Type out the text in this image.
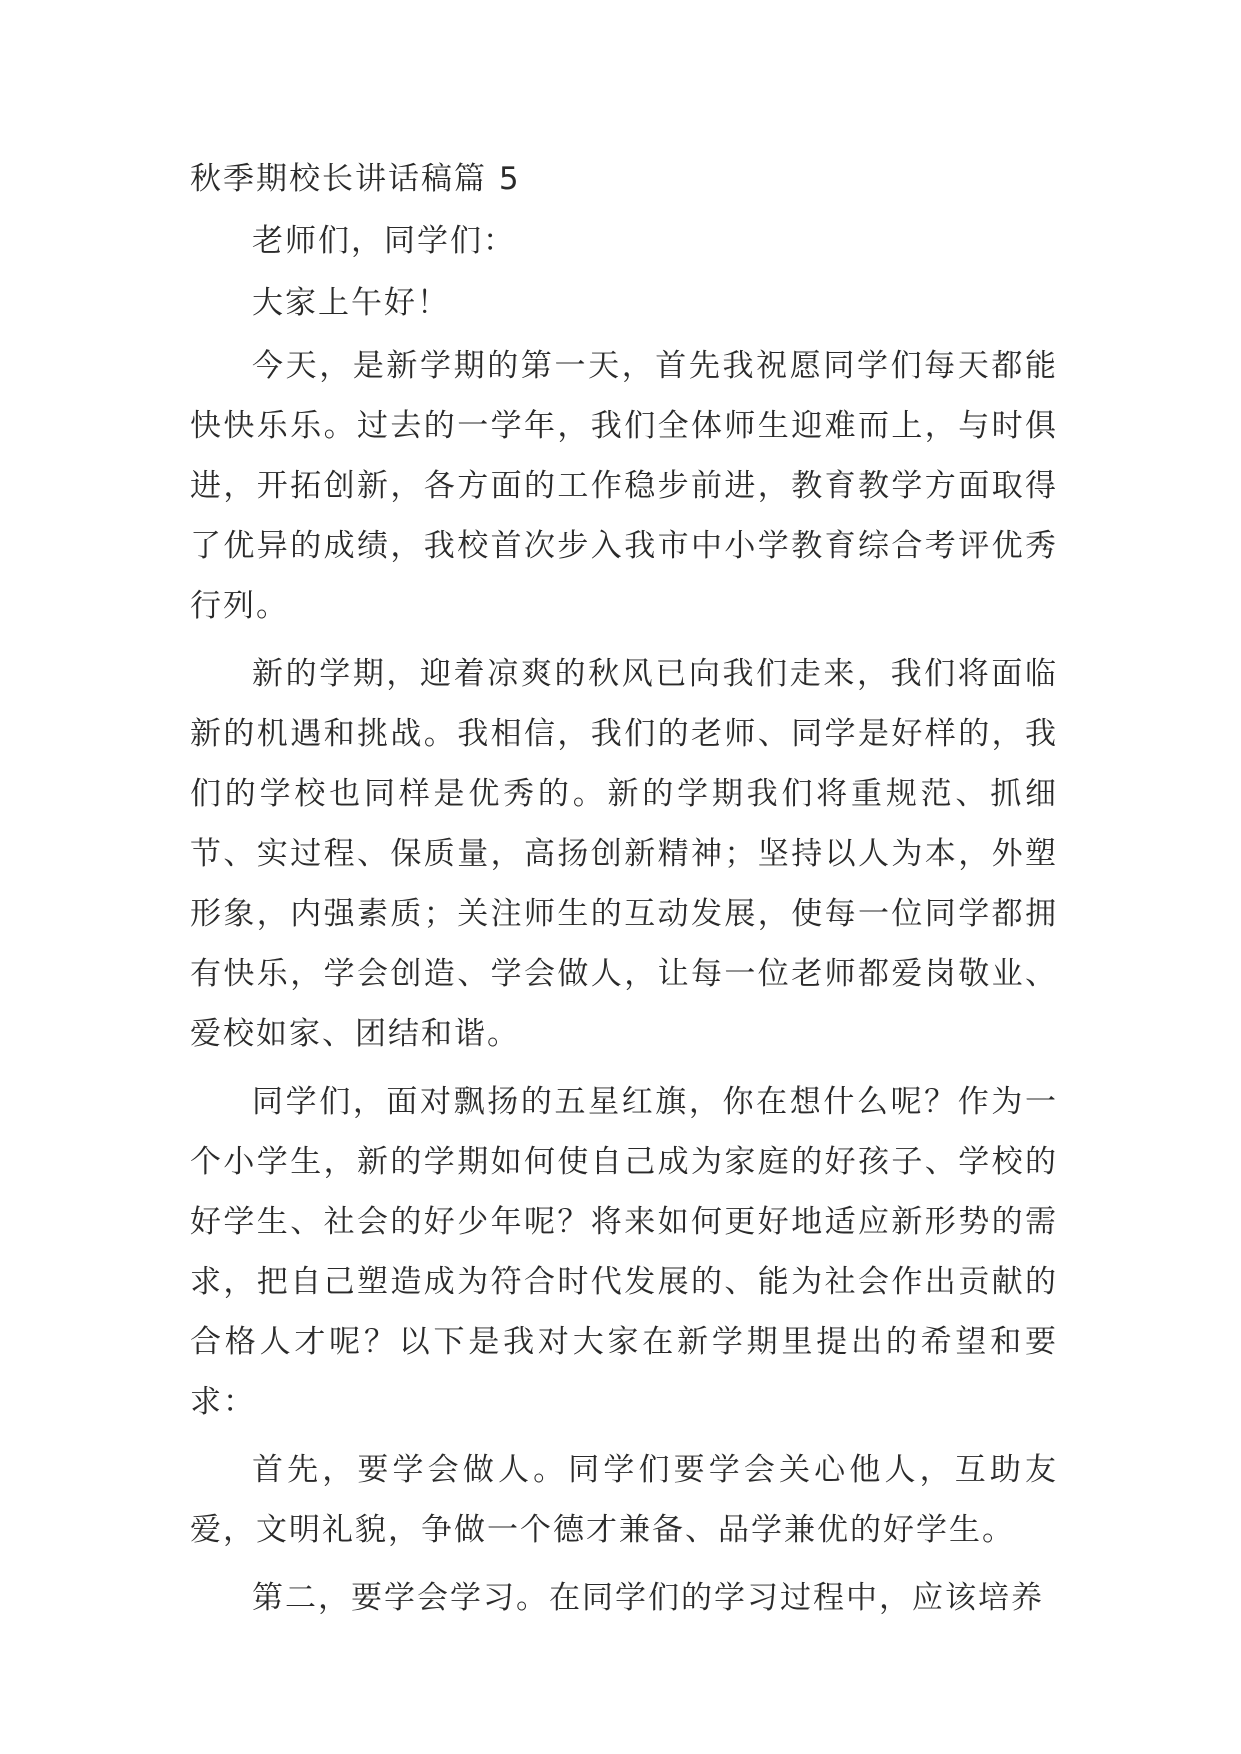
秋季期校长讲话稿篇 5

老师们，同学们：

大家上午好！

今天，是新学期的第一天，首先我祝愿同学们每天都能快快乐乐。过去的一学年，我们全体师生迎难而上，与时俱进，开拓创新，各方面的工作稳步前进，教育教学方面取得了优异的成绩，我校首次步入我市中小学教育综合考评优秀行列。

新的学期，迎着凉爽的秋风已向我们走来，我们将面临新的机遇和挑战。我相信，我们的老师、同学是好样的，我们的学校也同样是优秀的。新的学期我们将重规范、抓细节、实过程、保质量，高扬创新精神；坚持以人为本，外塑形象，内强素质；关注师生的互动发展，使每一位同学都拥有快乐，学会创造、学会做人，让每一位老师都爱岗敬业、爱校如家、团结和谐。

同学们，面对飘扬的五星红旗，你在想什么呢？作为一个小学生，新的学期如何使自己成为家庭的好孩子、学校的好学生、社会的好少年呢？将来如何更好地适应新形势的需求，把自己塑造成为符合时代发展的、能为社会作出贡献的合格人才呢？以下是我对大家在新学期里提出的希望和要求：

首先，要学会做人。同学们要学会关心他人，互助友爱，文明礼貌，争做一个德才兼备、品学兼优的好学生。

第二，要学会学习。在同学们的学习过程中，应该培养
